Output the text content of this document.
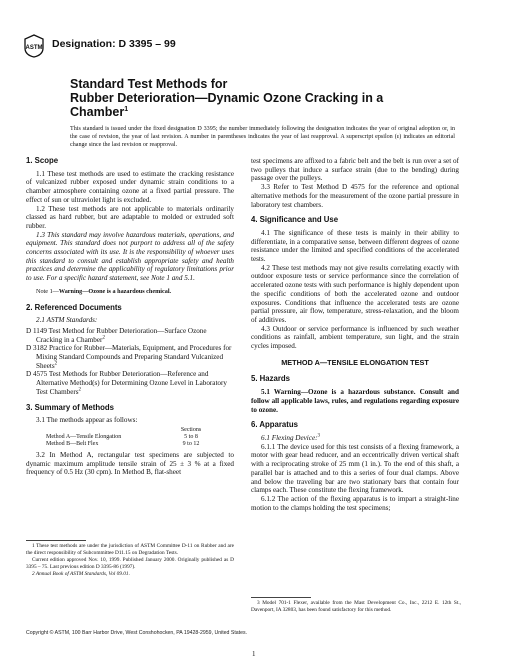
ASTM Designation: D 3395 – 99
Standard Test Methods for
Rubber Deterioration—Dynamic Ozone Cracking in a
Chamber$^1$
This standard is issued under the fixed designation D 3395; the number immediately following the designation indicates the year of original adoption or, in the case of revision, the year of last revision. A number in parentheses indicates the year of last reapproval. A superscript epsilon (ε) indicates an editorial change since the last revision or reapproval.
1. Scope

1.1 These test methods are used to estimate the cracking resistance of vulcanized rubber exposed under dynamic strain conditions to a chamber atmosphere containing ozone at a fixed partial pressure. The effect of sun or ultraviolet light is excluded.

1.2 These test methods are not applicable to materials ordinarily classed as hard rubber, but are adaptable to molded or extruded soft rubber.

1.3 This standard may involve hazardous materials, operations, and equipment. This standard does not purport to address all of the safety concerns associated with its use. It is the responsibility of whoever uses this standard to consult and establish appropriate safety and health practices and determine the applicability of regulatory limitations prior to use. For a specific hazard statement, see Note 1 and 5.1.

Note 1—Warning—Ozone is a hazardous chemical.
2. Referenced Documents
2.1 ASTM Standards:
D 1149 Test Method for Rubber Deterioration—Surface Ozone Cracking in a Chamber$^2$
D 3182 Practice for Rubber—Materials, Equipment, and Procedures for Mixing Standard Compounds and Preparing Standard Vulcanized Sheets$^2$
D 4575 Test Methods for Rubber Deterioration—Reference and Alternative Method(s) for Determining Ozone Level in Laboratory Test Chambers$^2$
3. Summary of Methods

3.1 The methods appear as follows:

	Sections
Method A—Tensile Elongation	5 to 8
Method B—Belt Flex	9 to 12

3.2 In Method A, rectangular test specimens are subjected to dynamic maximum amplitude tensile strain of 25 ± 3 % at a fixed frequency of 0.5 Hz (30 cpm). In Method B, flat-sheet

test specimens are affixed to a fabric belt and the belt is run over a set of two pulleys that induce a surface strain (due to the bending) during passage over the pulleys.

3.3 Refer to Test Method D 4575 for the reference and optional alternative methods for the measurement of the ozone partial pressure in laboratory test chambers.

4. Significance and Use

4.1 The significance of these tests is mainly in their ability to differentiate, in a comparative sense, between different degrees of ozone resistance under the limited and specified conditions of the accelerated tests.

4.2 These test methods may not give results correlating exactly with outdoor exposure tests or service performance since the correlation of accelerated ozone tests with such performance is highly dependent upon the specific conditions of both the accelerated ozone and outdoor exposures. Conditions that influence the accelerated tests are ozone partial pressure, air flow, temperature, stress-relaxation, and the bloom of additives.

4.3 Outdoor or service performance is influenced by such weather conditions as rainfall, ambient temperature, sun light, and the strain cycles imposed.

METHOD A—TENSILE ELONGATION TEST
5. Hazards

5.1 Warning—Ozone is a hazardous substance. Consult and follow all applicable laws, rules, and regulations regarding exposure to ozone.

6. Apparatus

6.1 Flexing Device:$^3$

6.1.1 The device used for this test consists of a flexing framework, a motor with gear head reducer, and an eccentrically driven vertical shaft with a reciprocating stroke of 25 mm (1 in.). To the end of this shaft, a parallel bar is attached and to this a series of four dual clamps. Above and below the traveling bar are two stationary bars that contain four clamps each. These constitute the flexing framework.

6.1.2 The action of the flexing apparatus is to impart a straight-line motion to the clamps holding the test specimens;

1 These test methods are under the jurisdiction of ASTM Committee D-11 on Rubber and are the direct responsibility of Subcommittee D11.15 on Degradation Tests.

Current edition approved Nov. 10, 1999. Published January 2000. Originally published as D 3395 – 75. Last previous edition D 3395-86 (1997).

2 Annual Book of ASTM Standards, Vol 09.01.

3 Model 701-1 Flexer, available from the Mast Development Co., Inc., 2212 E. 12th St., Davenport, IA 32803, has been found satisfactory for this method.

Copyright © ASTM, 100 Barr Harbor Drive, West Conshohocken, PA 19428-2959, United States.
1
